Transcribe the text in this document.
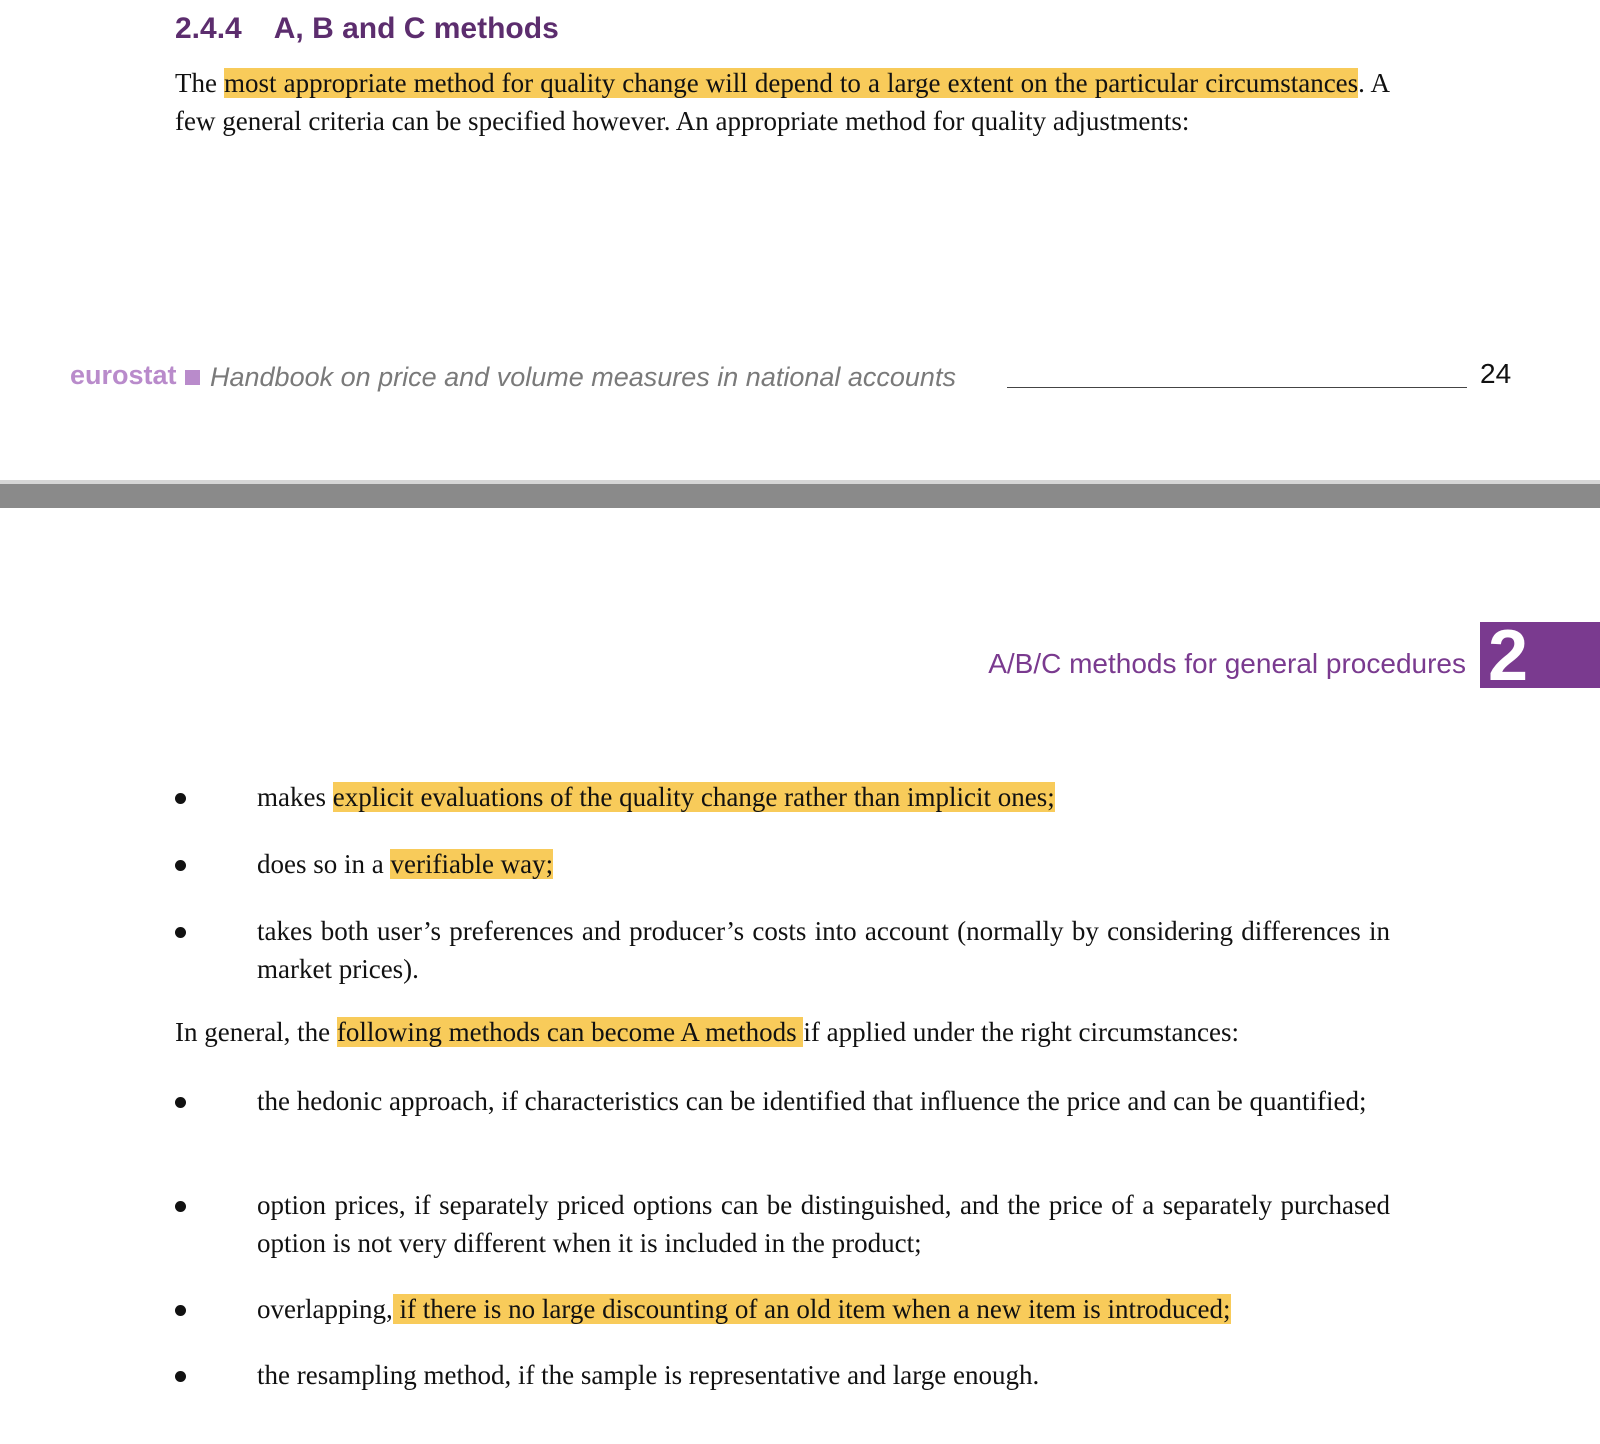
2.4.4 A, B and C methods
The most appropriate method for quality change will depend to a large extent on the particular circumstances. A few general criteria can be specified however. An appropriate method for quality adjustments:
eurostat Handbook on price and volume measures in national accounts	24
A/B/C methods for general procedures 2
makes explicit evaluations of the quality change rather than implicit ones;
does so in a verifiable way;
takes both user’s preferences and producer’s costs into account (normally by considering differences in market prices).
In general, the following methods can become A methods if applied under the right circumstances:
the hedonic approach, if characteristics can be identified that influence the price and can be quantified;
option prices, if separately priced options can be distinguished, and the price of a separately purchased option is not very different when it is included in the product;
overlapping, if there is no large discounting of an old item when a new item is introduced;
the resampling method, if the sample is representative and large enough.
